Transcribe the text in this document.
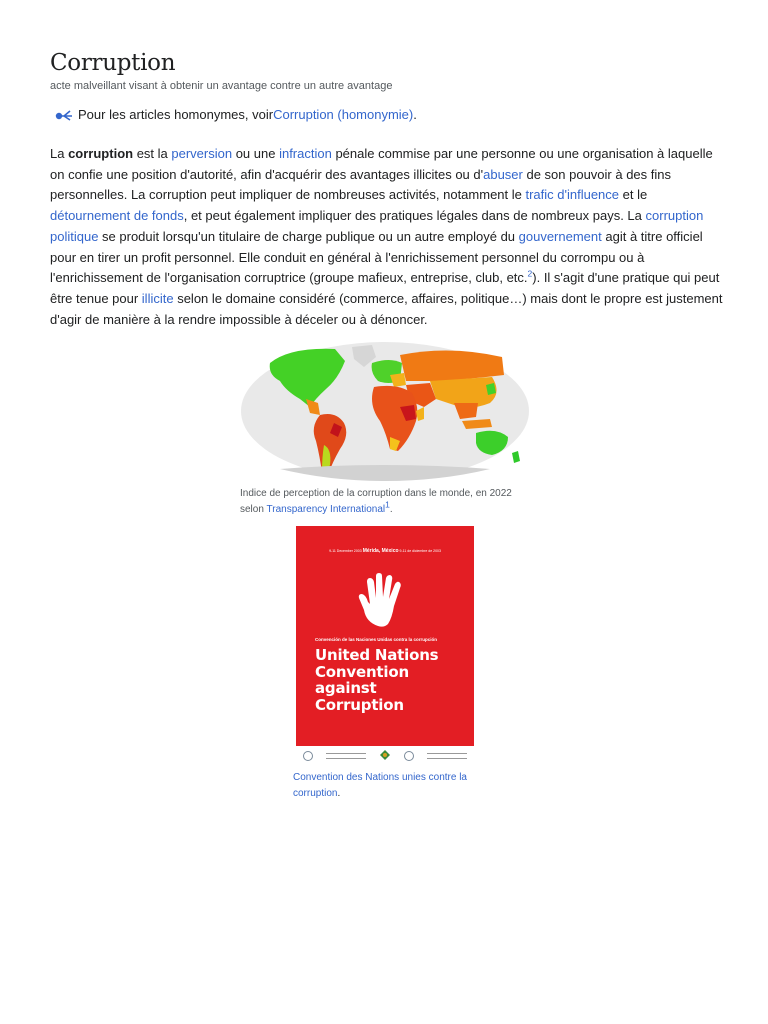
Corruption
acte malveillant visant à obtenir un avantage contre un autre avantage
Pour les articles homonymes, voir Corruption (homonymie) .

La corruption est la perversion ou une infraction pénale commise par une personne ou une organisation à laquelle on confie une position d'autorité, afin d'acquérir des avantages illicites ou d'abuser de son pouvoir à des fins personnelles. La corruption peut impliquer de nombreuses activités, notamment le trafic d'influence et le détournement de fonds, et peut également impliquer des pratiques légales dans de nombreux pays. La corruption politique se produit lorsqu'un titulaire de charge publique ou un autre employé du gouvernement agit à titre officiel pour en tirer un profit personnel. Elle conduit en général à l'enrichissement personnel du corrompu ou à l'enrichissement de l'organisation corruptrice (groupe mafieux, entreprise, club, etc.$^2$). Il s'agit d'une pratique qui peut être tenue pour illicite selon le domaine considéré (commerce, affaires, politique…) mais dont le propre est justement d'agir de manière à la rendre impossible à déceler ou à dénoncer.

Indice de perception de la corruption dans le monde, en 2022 selon Transparency International$^1$.
9-11 December 2003 Mérida, México 9-11 de diciembre de 2003
Convención de las Naciones Unidas contra la corrupción
United Nations
Convention
against
Corruption
Convention des Nations unies contre la corruption.
